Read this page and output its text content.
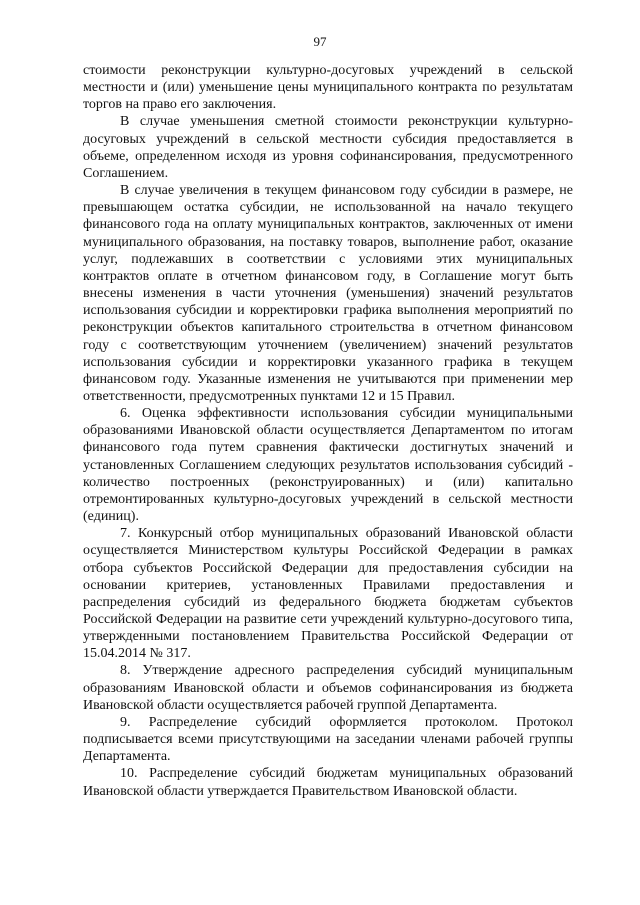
97

стоимости реконструкции культурно-досуговых учреждений в сельской местности и (или) уменьшение цены муниципального контракта по результатам торгов на право его заключения.

В случае уменьшения сметной стоимости реконструкции культурно-досуговых учреждений в сельской местности субсидия предоставляется в объеме, определенном исходя из уровня софинансирования, предусмотренного Соглашением.

В случае увеличения в текущем финансовом году субсидии в размере, не превышающем остатка субсидии, не использованной на начало текущего финансового года на оплату муниципальных контрактов, заключенных от имени муниципального образования, на поставку товаров, выполнение работ, оказание услуг, подлежавших в соответствии с условиями этих муниципальных контрактов оплате в отчетном финансовом году, в Соглашение могут быть внесены изменения в части уточнения (уменьшения) значений результатов использования субсидии и корректировки графика выполнения мероприятий по реконструкции объектов капитального строительства в отчетном финансовом году с соответствующим уточнением (увеличением) значений результатов использования субсидии и корректировки указанного графика в текущем финансовом году. Указанные изменения не учитываются при применении мер ответственности, предусмотренных пунктами 12 и 15 Правил.

6. Оценка эффективности использования субсидии муниципальными образованиями Ивановской области осуществляется Департаментом по итогам финансового года путем сравнения фактически достигнутых значений и установленных Соглашением следующих результатов использования субсидий - количество построенных (реконструированных) и (или) капитально отремонтированных культурно-досуговых учреждений в сельской местности (единиц).

7. Конкурсный отбор муниципальных образований Ивановской области осуществляется Министерством культуры Российской Федерации в рамках отбора субъектов Российской Федерации для предоставления субсидии на основании критериев, установленных Правилами предоставления и распределения субсидий из федерального бюджета бюджетам субъектов Российской Федерации на развитие сети учреждений культурно-досугового типа, утвержденными постановлением Правительства Российской Федерации от 15.04.2014 № 317.

8. Утверждение адресного распределения субсидий муниципальным образованиям Ивановской области и объемов софинансирования из бюджета Ивановской области осуществляется рабочей группой Департамента.

9. Распределение субсидий оформляется протоколом. Протокол подписывается всеми присутствующими на заседании членами рабочей группы Департамента.

10. Распределение субсидий бюджетам муниципальных образований Ивановской области утверждается Правительством Ивановской области.
